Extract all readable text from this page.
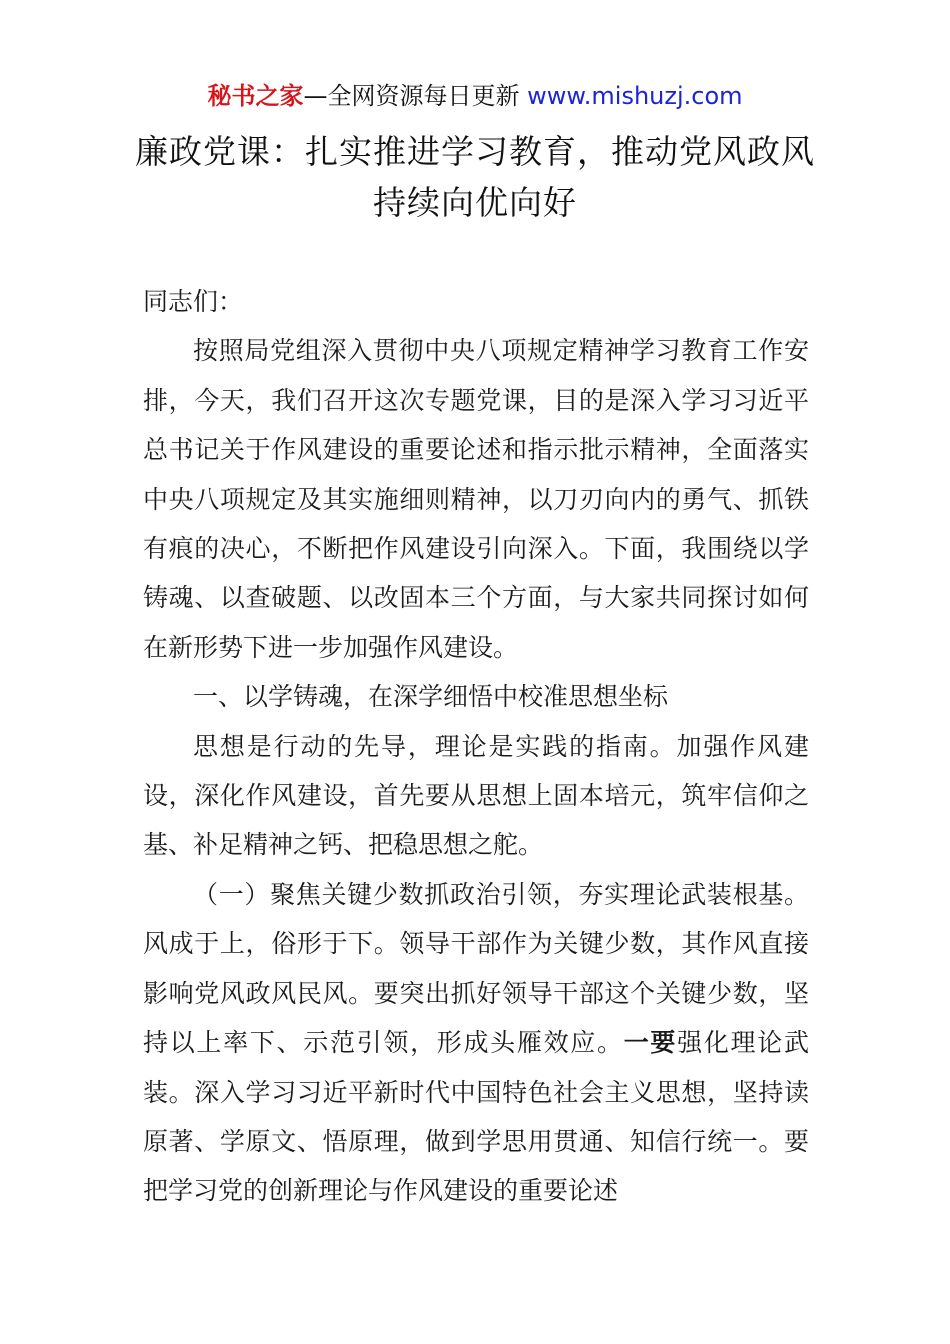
秘书之家—全网资源每日更新 www.mishuzj.com
廉政党课：扎实推进学习教育，推动党风政风
持续向优向好

同志们：

按照局党组深入贯彻中央八项规定精神学习教育工作安排，今天，我们召开这次专题党课，目的是深入学习习近平总书记关于作风建设的重要论述和指示批示精神，全面落实中央八项规定及其实施细则精神，以刀刃向内的勇气、抓铁有痕的决心，不断把作风建设引向深入。下面，我围绕以学铸魂、以查破题、以改固本三个方面，与大家共同探讨如何在新形势下进一步加强作风建设。

一、以学铸魂，在深学细悟中校准思想坐标

思想是行动的先导，理论是实践的指南。加强作风建设，深化作风建设，首先要从思想上固本培元，筑牢信仰之基、补足精神之钙、把稳思想之舵。

（一）聚焦关键少数抓政治引领，夯实理论武装根基。风成于上，俗形于下。领导干部作为关键少数，其作风直接影响党风政风民风。要突出抓好领导干部这个关键少数，坚持以上率下、示范引领，形成头雁效应。一要强化理论武装。深入学习习近平新时代中国特色社会主义思想，坚持读原著、学原文、悟原理，做到学思用贯通、知信行统一。要把学习党的创新理论与作风建设的重要论述
